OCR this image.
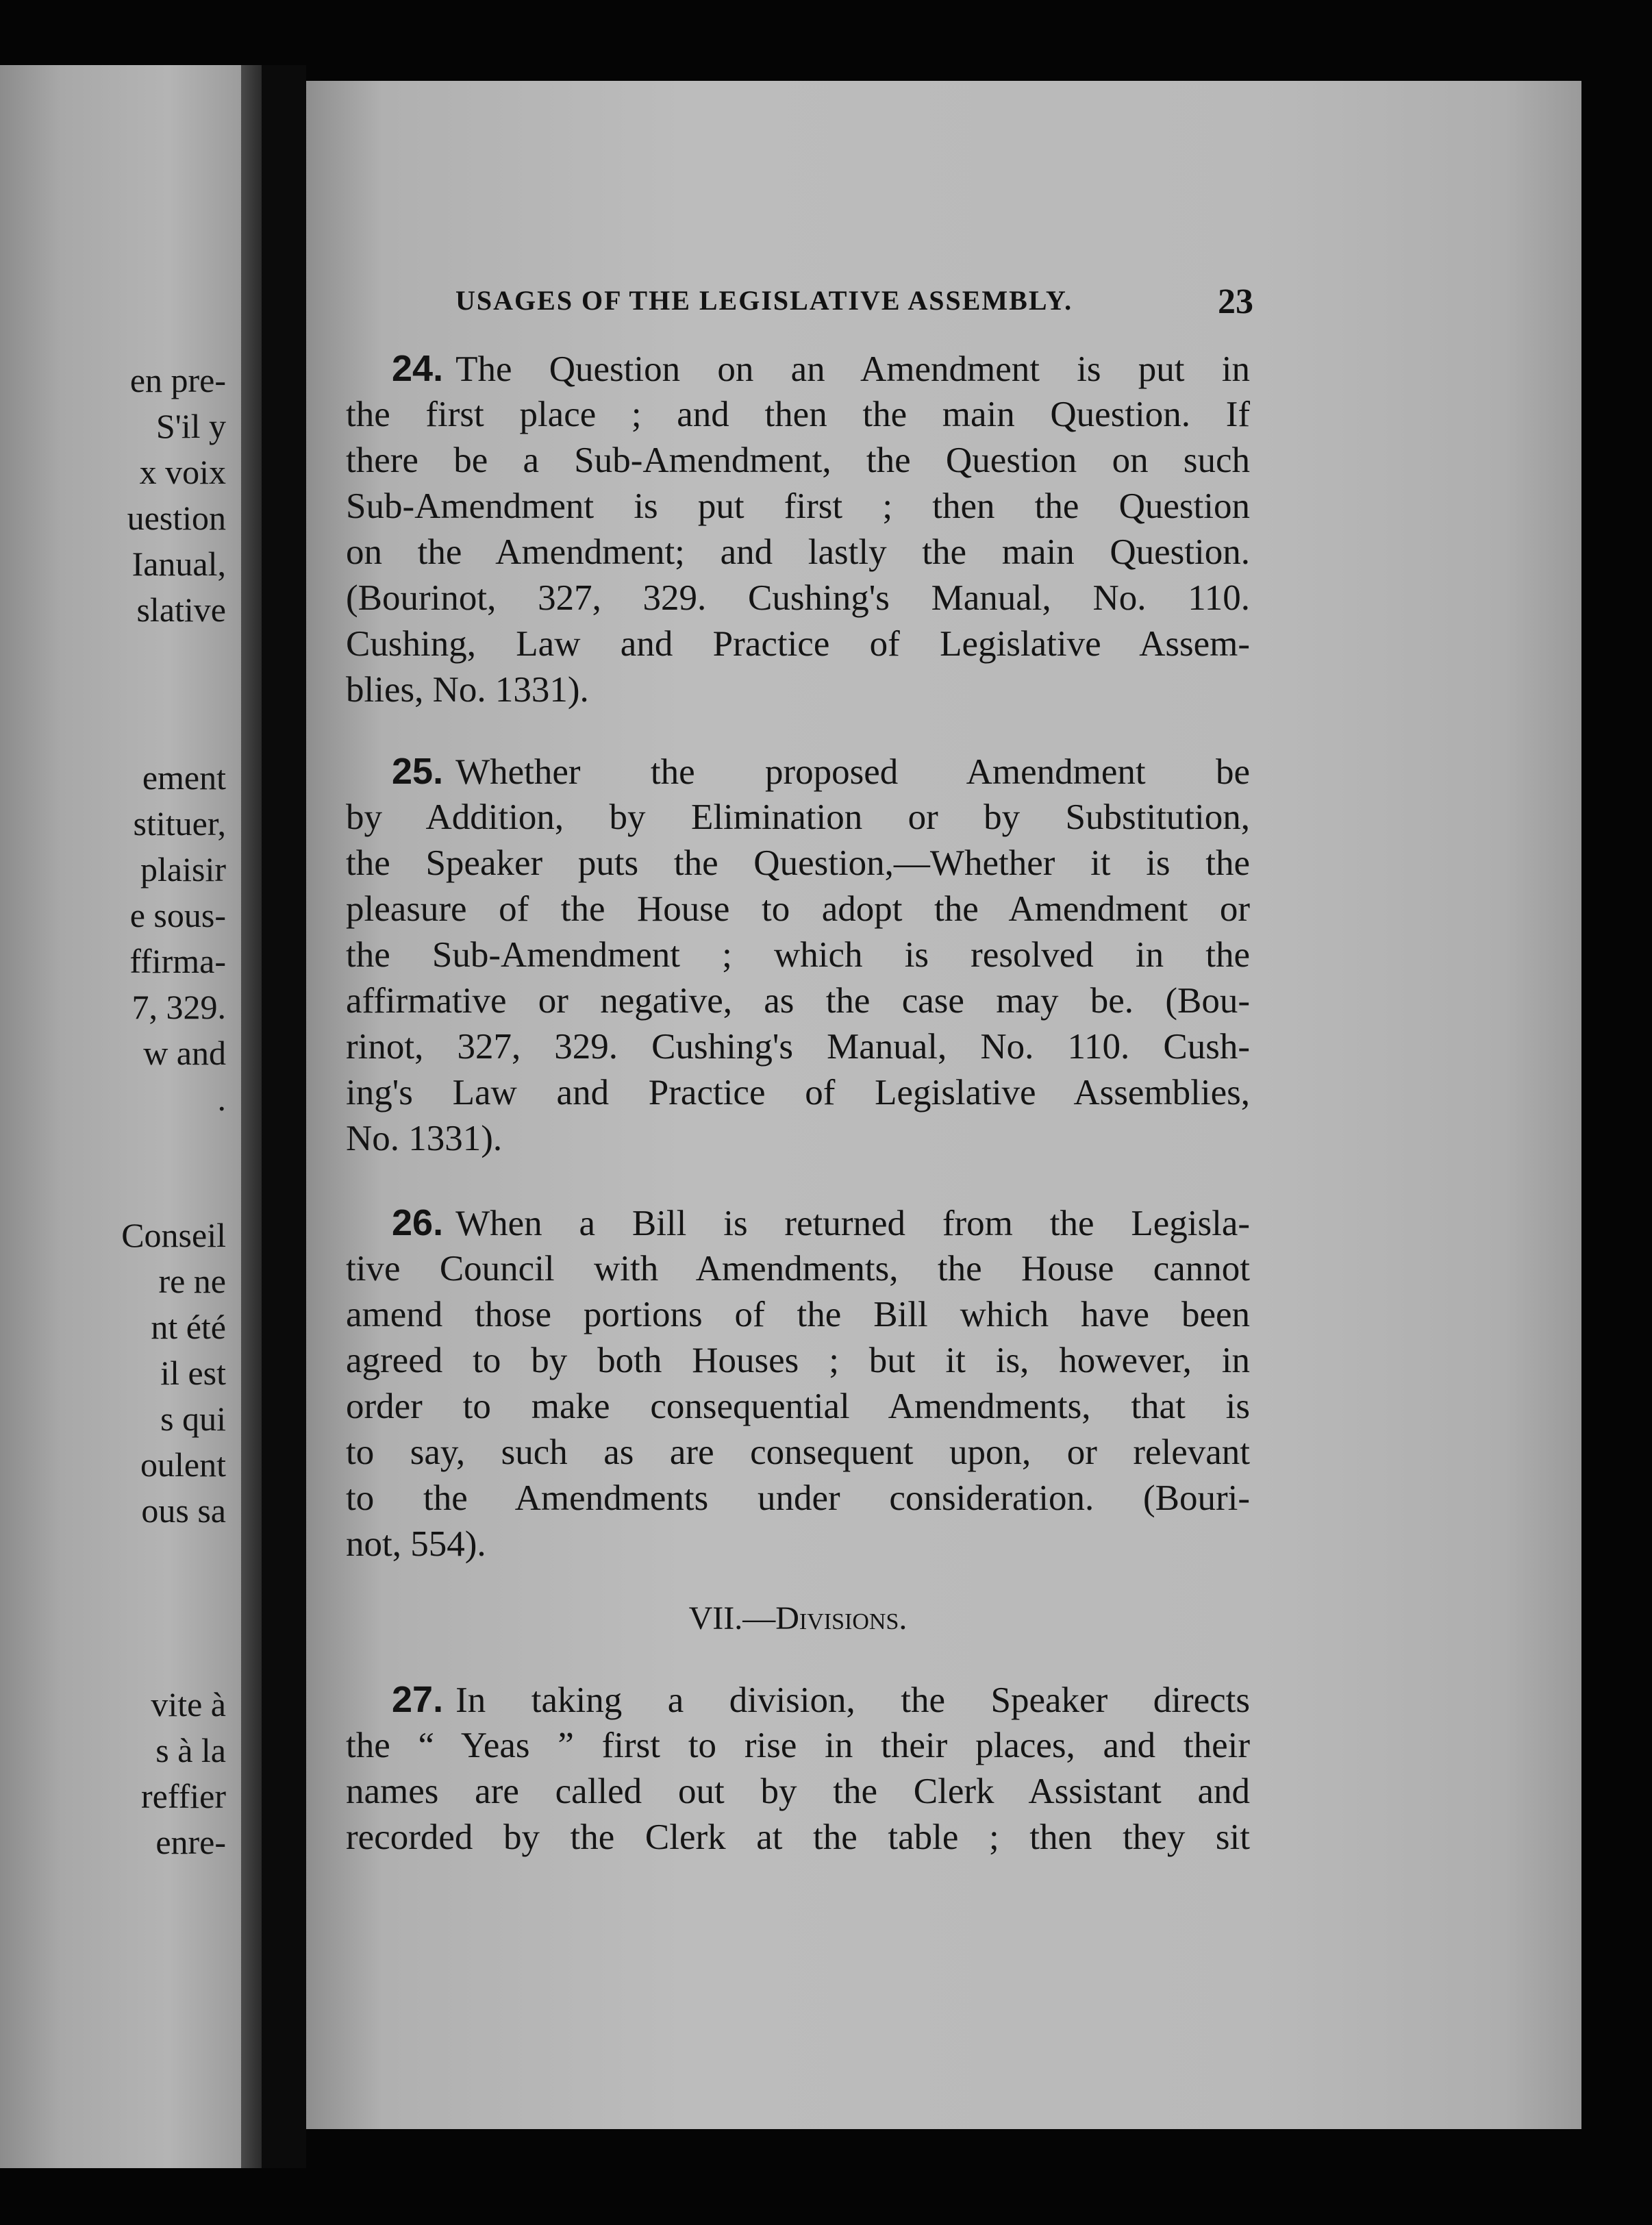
en pre-
S'il y
x voix
uestion
Ianual,
slative
ement
stituer,
plaisir
e sous-
ffirma-
7, 329.
w and
.
Conseil
re ne
nt été
il est
s qui
oulent
ous sa
vite à
s à la
reffier
enre-
USAGES OF THE LEGISLATIVE ASSEMBLY.	23
24. The Question on an Amendment is put in
the first place ; and then the main Question. If
there be a Sub-Amendment, the Question on such
Sub-Amendment is put first ; then the Question
on the Amendment; and lastly the main Question.
(Bourinot, 327, 329. Cushing's Manual, No. 110.
Cushing, Law and Practice of Legislative Assem-
blies, No. 1331).
25. Whether the proposed Amendment be
by Addition, by Elimination or by Substitution,
the Speaker puts the Question,—Whether it is the
pleasure of the House to adopt the Amendment or
the Sub-Amendment ; which is resolved in the
affirmative or negative, as the case may be. (Bou-
rinot, 327, 329. Cushing's Manual, No. 110. Cush-
ing's Law and Practice of Legislative Assemblies,
No. 1331).
26. When a Bill is returned from the Legisla-
tive Council with Amendments, the House cannot
amend those portions of the Bill which have been
agreed to by both Houses ; but it is, however, in
order to make consequential Amendments, that is
to say, such as are consequent upon, or relevant
to the Amendments under consideration. (Bouri-
not, 554).
VII.—Divisions.
27. In taking a division, the Speaker directs
the “ Yeas ” first to rise in their places, and their
names are called out by the Clerk Assistant and
recorded by the Clerk at the table ; then they sit
